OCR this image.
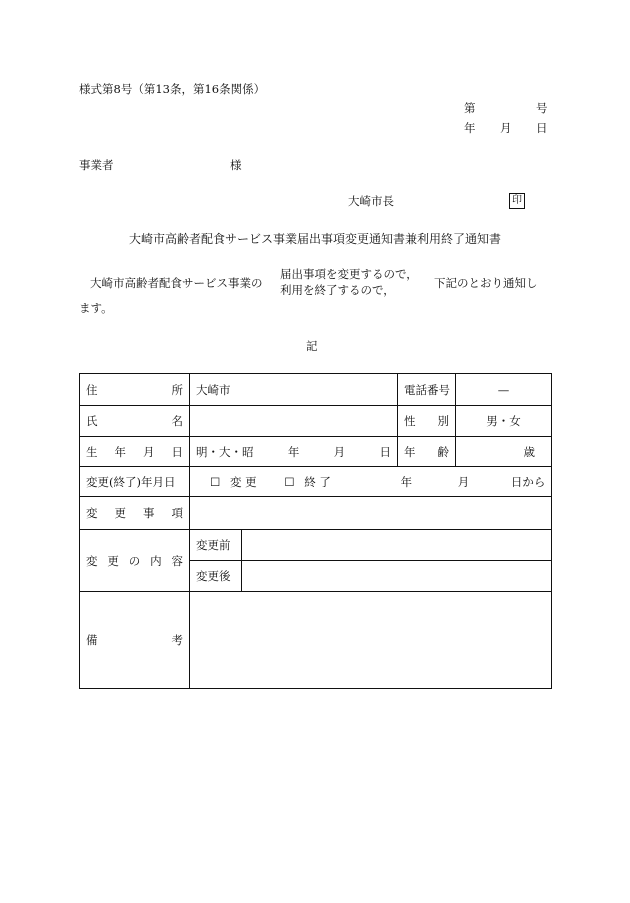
様式第8号（第13条，第16条関係）
第	号
年 月 日
事業者	様
大崎市長	印
大崎市高齢者配食サービス事業届出事項変更通知書兼利用終了通知書
大崎市高齢者配食サービス事業の
届出事項を変更するので，
利用を終了するので，	下記のとおり通知し
ます。
記
住 所	大崎市		電話番号	—

氏 名			性 別	男・女

生 年 月 日	明・大・昭 年 月 日		年 齢	歳
変更(終了)年月日	☐ 変 更 ☐ 終 了 年 月 日から			

変 更 事 項				

変 更 の 内 容	変更前			
	変更後			

備 考				
